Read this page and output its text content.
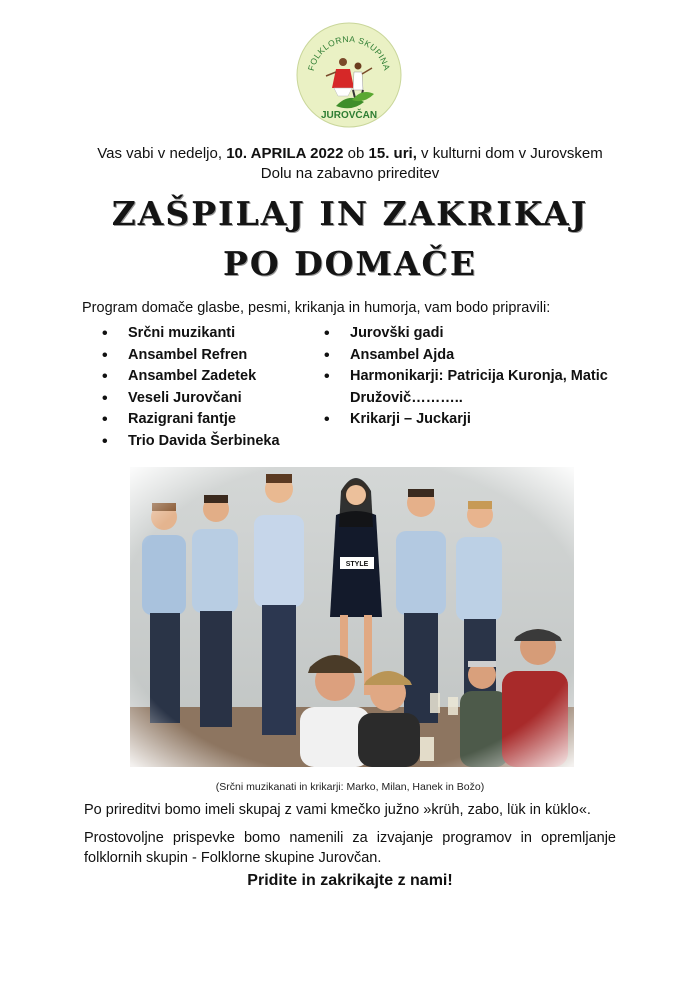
FOLKLORNA SKUPINA
JUROVČAN
Vas vabi v nedeljo, 10. APRILA 2022 ob 15. uri, v kulturni dom v Jurovskem
Dolu na zabavno prireditev
ZAŠPILAJ IN ZAKRIKAJ
PO DOMAČE
Program domače glasbe, pesmi, krikanja in humorja, vam bodo pripravili:
• Srčni muzikanti
• Ansambel Refren
• Ansambel Zadetek
• Veseli Jurovčani
• Razigrani fantje
• Trio Davida Šerbineka
• Jurovški gadi
• Ansambel Ajda
• Harmonikarji: Patricija Kuronja, Matic Družovič………..
• Krikarji – Juckarji
(Srčni muzikanati in krikarji: Marko, Milan, Hanek in Božo)
Po prireditvi bomo imeli skupaj z vami kmečko južno »krüh, zabo, lük in küklo«.
Prostovoljne prispevke bomo namenili za izvajanje programov in opremljanje folklornih skupin - Folklorne skupine Jurovčan.
Pridite in zakrikajte z nami!
